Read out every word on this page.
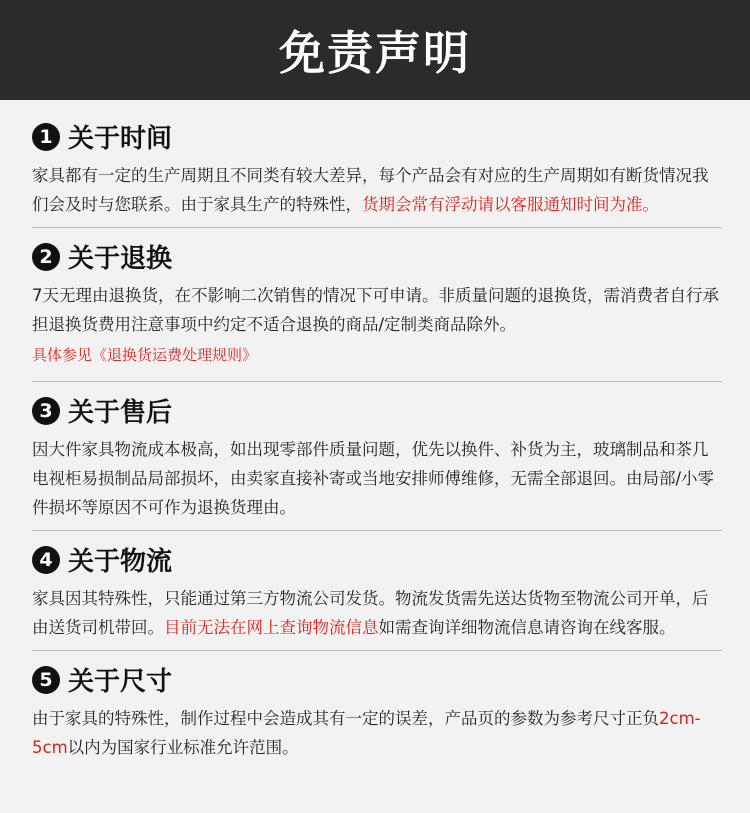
免责声明
1 关于时间

家具都有一定的生产周期且不同类有较大差异，每个产品会有对应的生产周期如有断货情况我们会及时与您联系。由于家具生产的特殊性，货期会常有浮动请以客服通知时间为准。

2 关于退换

7天无理由退换货，在不影响二次销售的情况下可申请。非质量问题的退换货，需消费者自行承担退换货费用注意事项中约定不适合退换的商品/定制类商品除外。

具体参见《退换货运费处理规则》

3 关于售后

因大件家具物流成本极高，如出现零部件质量问题，优先以换件、补货为主，玻璃制品和茶几电视柜易损制品局部损坏，由卖家直接补寄或当地安排师傅维修，无需全部退回。由局部/小零件损坏等原因不可作为退换货理由。

4 关于物流

家具因其特殊性，只能通过第三方物流公司发货。物流发货需先送达货物至物流公司开单，后由送货司机带回。目前无法在网上查询物流信息如需查询详细物流信息请咨询在线客服。

5 关于尺寸

由于家具的特殊性，制作过程中会造成其有一定的误差，产品页的参数为参考尺寸正负2cm-5cm以内为国家行业标准允许范围。
